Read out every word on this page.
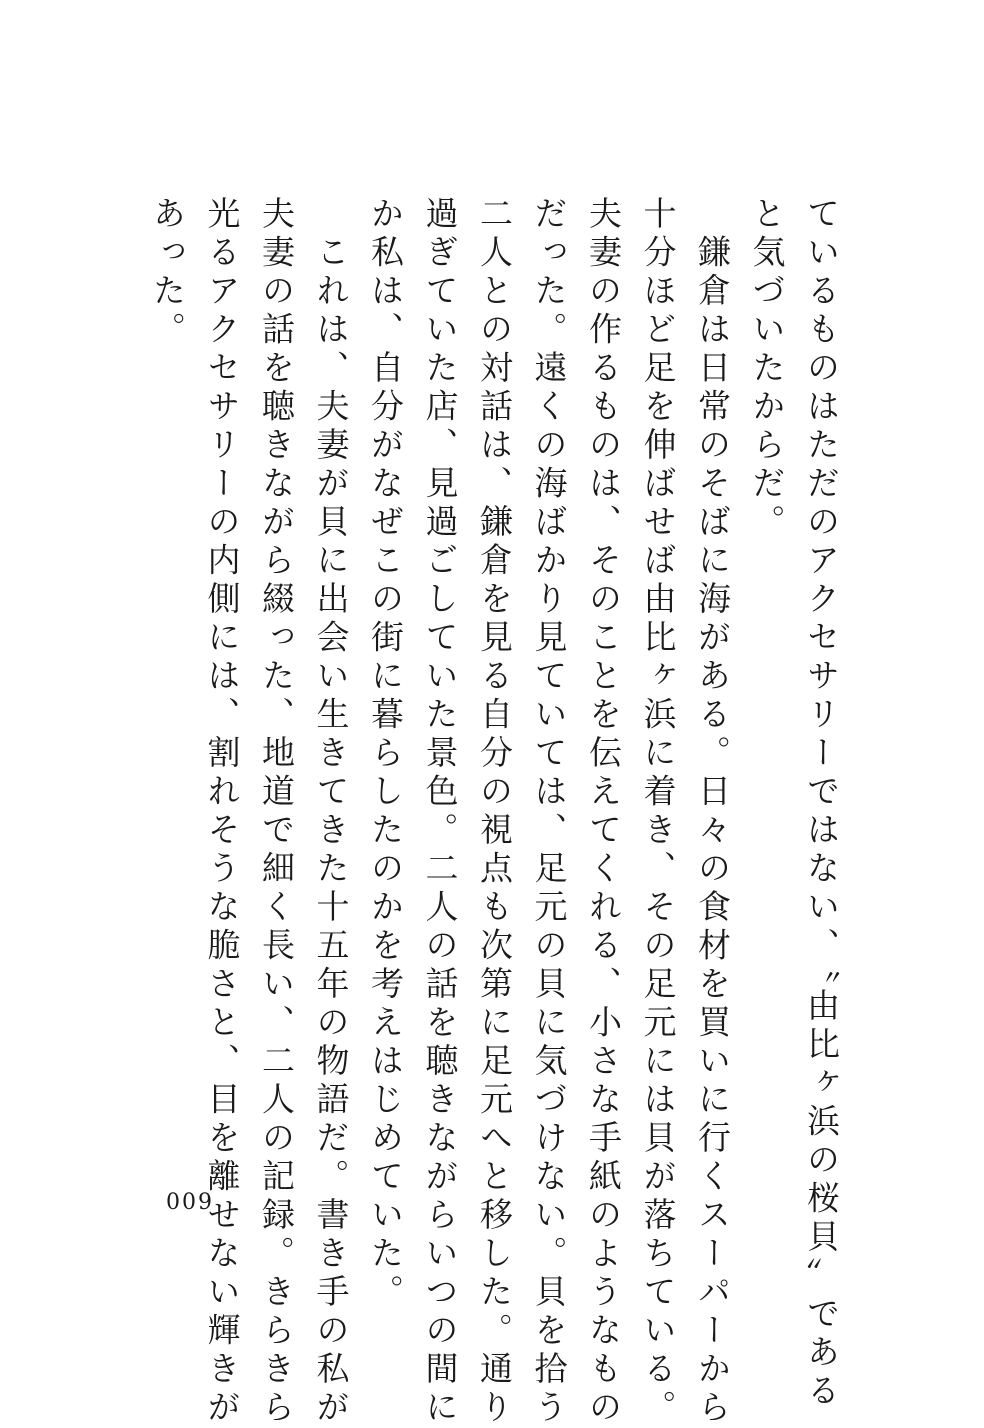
ているものはただのアクセサリーではない、〝由比ヶ浜の桜貝〟である
と気づいたからだ。
　鎌倉は日常のそばに海がある。日々の食材を買いに行くスーパーから
十分ほど足を伸ばせば由比ヶ浜に着き、その足元には貝が落ちている。
夫妻の作るものは、そのことを伝えてくれる、小さな手紙のようなもの
だった。遠くの海ばかり見ていては、足元の貝に気づけない。貝を拾う
二人との対話は、鎌倉を見る自分の視点も次第に足元へと移した。通り
過ぎていた店、見過ごしていた景色。二人の話を聴きながらいつの間に
か私は、自分がなぜこの街に暮らしたのかを考えはじめていた。
　これは、夫妻が貝に出会い生きてきた十五年の物語だ。書き手の私が
夫妻の話を聴きながら綴った、地道で細く長い、二人の記録。きらきら
光るアクセサリーの内側には、割れそうな脆さと、目を離せない輝きが
あった。
009
